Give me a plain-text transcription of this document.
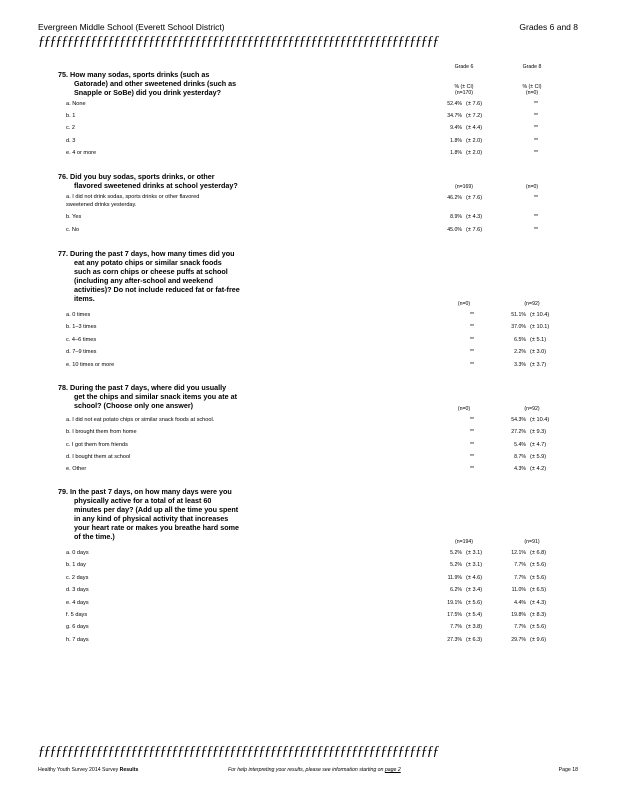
Evergreen Middle School (Everett School District)	Grades 6 and 8
ƒƒƒƒƒƒƒƒƒƒƒƒƒƒƒƒƒƒƒƒƒƒƒƒƒƒƒƒƒƒƒƒƒƒƒƒƒƒƒƒƒƒƒƒƒƒƒƒƒƒƒƒƒƒƒƒƒƒƒƒƒƒƒƒƒƒƒƒƒ
Grade 6	Grade 8
% (± CI)	% (± CI)
75. How many sodas, sports drinks (such as
Gatorade) and other sweetened drinks (such as
Snapple or SoBe) did you drink yesterday?	(n=170)	(n=0)
a. None	52.4% (± 7.6)	**
b. 1	34.7% (± 7.2)	**
c. 2	9.4% (± 4.4)	**
d. 3	1.8% (± 2.0)	**
e. 4 or more	1.8% (± 2.0)	**
76. Did you buy sodas, sports drinks, or other
flavored sweetened drinks at school yesterday?	(n=169)	(n=0)
a. I did not drink sodas, sports drinks or other flavored
sweetened drinks yesterday.
46.2% (± 7.6)	**
b. Yes	8.9% (± 4.3)	**
c. No	45.0% (± 7.6)	**
77. During the past 7 days, how many times did you
eat any potato chips or similar snack foods
such as corn chips or cheese puffs at school
(including any after-school and weekend
activities)? Do not include reduced fat or fat-free
items.
(n=0)	(n=92)
a. 0 times	**	51.1% (± 10.4)
b. 1–3 times	**	37.0% (± 10.1)
c. 4–6 times	**	6.5% (± 5.1)
d. 7–9 times	**	2.2% (± 3.0)
e. 10 times or more	**	3.3% (± 3.7)
78. During the past 7 days, where did you usually
get the chips and similar snack items you ate at
school? (Choose only one answer)	(n=0)	(n=92)
a. I did not eat potato chips or similar snack foods at school.	**	54.3% (± 10.4)
b. I brought them from home	**	27.2% (± 9.3)
c. I got them from friends	**	5.4% (± 4.7)
d. I bought them at school	**	8.7% (± 5.9)
e. Other	**	4.3% (± 4.2)
79. In the past 7 days, on how many days were you
physically active for a total of at least 60
minutes per day? (Add up all the time you spent
in any kind of physical activity that increases
your heart rate or makes you breathe hard some
of the time.)
(n=194)	(n=91)
a. 0 days	5.2% (± 3.1)	12.1% (± 6.8)
b. 1 day	5.2% (± 3.1)	7.7% (± 5.6)
c. 2 days	11.9% (± 4.6)	7.7% (± 5.6)
d. 3 days	6.2% (± 3.4)	11.0% (± 6.5)
e. 4 days	19.1% (± 5.6)	4.4% (± 4.3)
f. 5 days	17.5% (± 5.4)	19.8% (± 8.3)
g. 6 days	7.7% (± 3.8)	7.7% (± 5.6)
h. 7 days	27.3% (± 6.3)	29.7% (± 9.6)
ƒƒƒƒƒƒƒƒƒƒƒƒƒƒƒƒƒƒƒƒƒƒƒƒƒƒƒƒƒƒƒƒƒƒƒƒƒƒƒƒƒƒƒƒƒƒƒƒƒƒƒƒƒƒƒƒƒƒƒƒƒƒƒƒƒƒƒƒƒ
Healthy Youth Survey 2014 Survey Results	For help interpreting your results, please see information starting on page 2	Page 18
